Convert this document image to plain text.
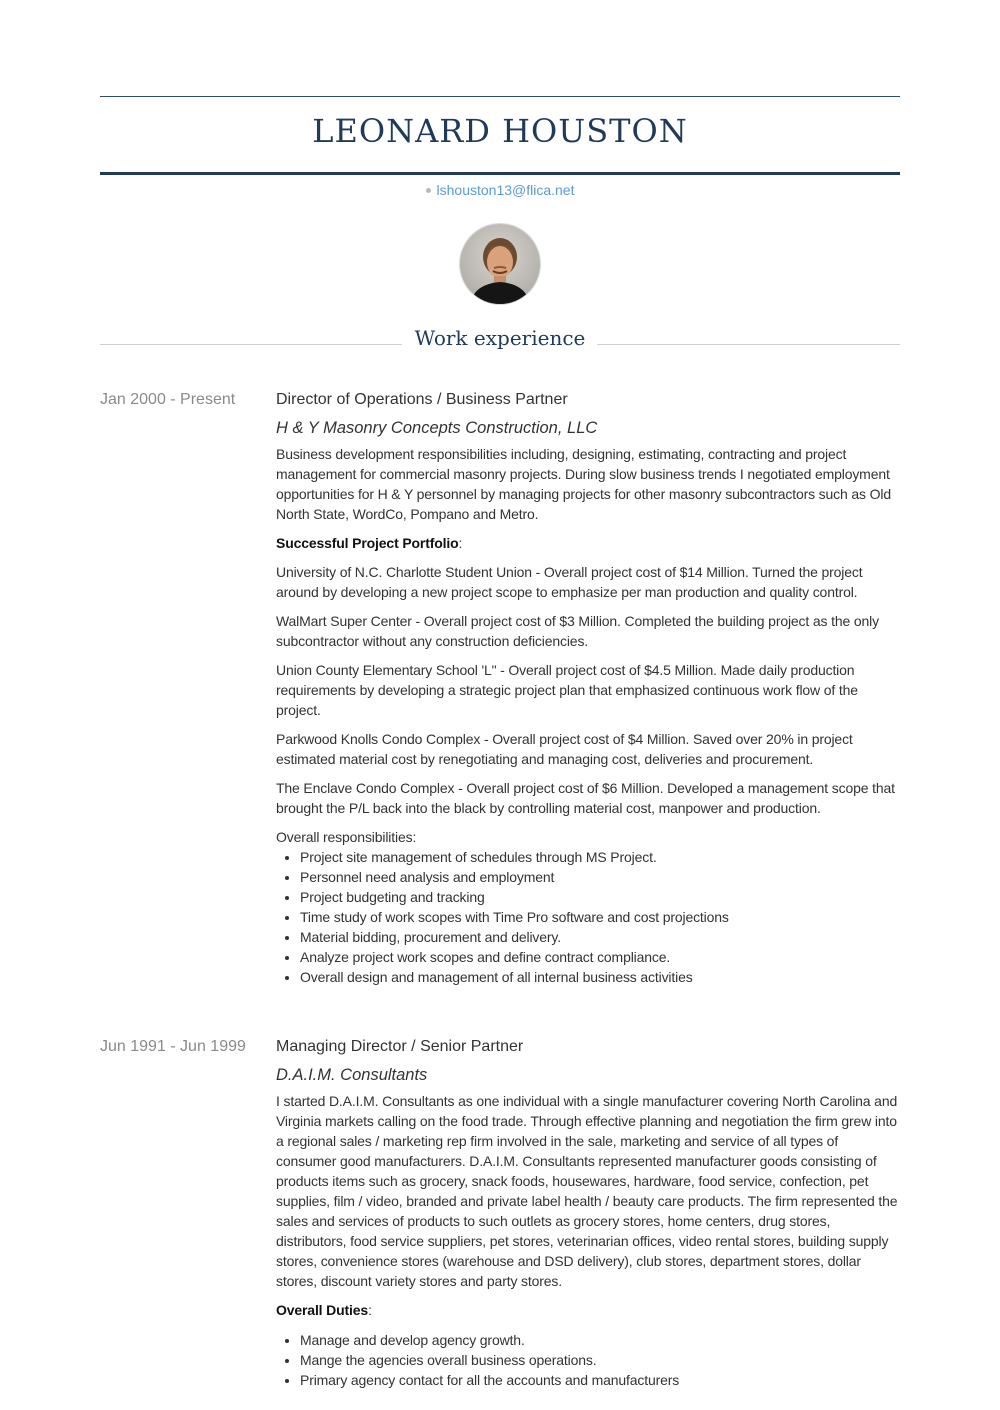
LEONARD HOUSTON
lshouston13@flica.net
Work experience
Jan 2000 - Present	Director of Operations / Business Partner
H & Y Masonry Concepts Construction, LLC

Business development responsibilities including, designing, estimating, contracting and project management for commercial masonry projects. During slow business trends I negotiated employment opportunities for H & Y personnel by managing projects for other masonry subcontractors such as Old North State, WordCo, Pompano and Metro.

Successful Project Portfolio:

University of N.C. Charlotte Student Union - Overall project cost of $14 Million. Turned the project around by developing a new project scope to emphasize per man production and quality control.

WalMart Super Center - Overall project cost of $3 Million. Completed the building project as the only subcontractor without any construction deficiencies.

Union County Elementary School 'L" - Overall project cost of $4.5 Million. Made daily production requirements by developing a strategic project plan that emphasized continuous work flow of the project.

Parkwood Knolls Condo Complex - Overall project cost of $4 Million. Saved over 20% in project estimated material cost by renegotiating and managing cost, deliveries and procurement.

The Enclave Condo Complex - Overall project cost of $6 Million. Developed a management scope that brought the P/L back into the black by controlling material cost, manpower and production.

Overall responsibilities:

• Project site management of schedules through MS Project.
• Personnel need analysis and employment
• Project budgeting and tracking
• Time study of work scopes with Time Pro software and cost projections
• Material bidding, procurement and delivery.
• Analyze project work scopes and define contract compliance.
• Overall design and management of all internal business activities
Jun 1991 - Jun 1999	Managing Director / Senior Partner
D.A.I.M. Consultants

I started D.A.I.M. Consultants as one individual with a single manufacturer covering North Carolina and Virginia markets calling on the food trade. Through effective planning and negotiation the firm grew into a regional sales / marketing rep firm involved in the sale, marketing and service of all types of consumer good manufacturers. D.A.I.M. Consultants represented manufacturer goods consisting of products items such as grocery, snack foods, housewares, hardware, food service, confection, pet supplies, film / video, branded and private label health / beauty care products. The firm represented the sales and services of products to such outlets as grocery stores, home centers, drug stores, distributors, food service suppliers, pet stores, veterinarian offices, video rental stores, building supply stores, convenience stores (warehouse and DSD delivery), club stores, department stores, dollar stores, discount variety stores and party stores.

Overall Duties:

• Manage and develop agency growth.
• Mange the agencies overall business operations.
• Primary agency contact for all the accounts and manufacturers
